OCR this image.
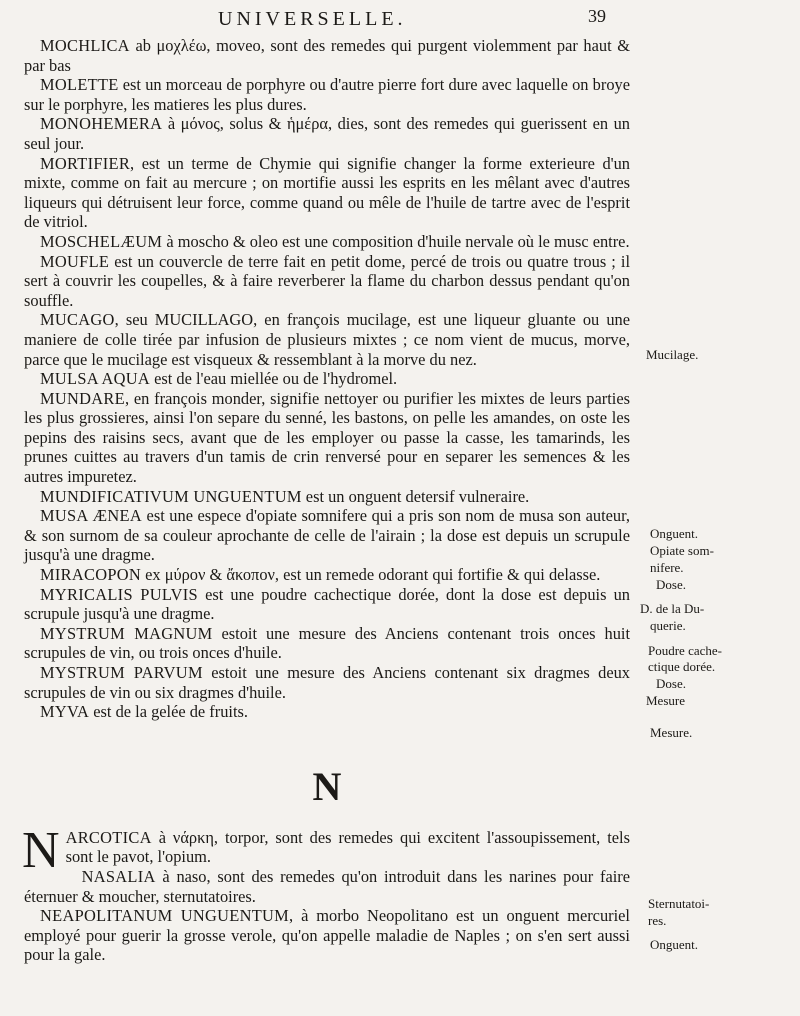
UNIVERSELLE.	39

MOCHLICA ab μοχλέω, moveo, sont des remedes qui purgent violemment par haut & par bas

MOLETTE est un morceau de porphyre ou d'autre pierre fort dure avec laquelle on broye sur le porphyre, les matieres les plus dures.

MONOHEMERA à μόνος, solus & ἡμέρα, dies, sont des remedes qui guerissent en un seul jour.

MORTIFIER, est un terme de Chymie qui signifie changer la forme exterieure d'un mixte, comme on fait au mercure ; on mortifie aussi les esprits en les mêlant avec d'autres liqueurs qui détruisent leur force, comme quand ou mêle de l'huile de tartre avec de l'esprit de vitriol.

MOSCHELÆUM à moscho & oleo est une composition d'huile nervale où le musc entre.

MOUFLE est un couvercle de terre fait en petit dome, percé de trois ou quatre trous ; il sert à couvrir les coupelles, & à faire reverberer la flame du charbon dessus pendant qu'on souffle.

MUCAGO, seu MUCILLAGO, en françois mucilage, est une liqueur gluante ou une maniere de colle tirée par infusion de plusieurs mixtes ; ce nom vient de mucus, morve, parce que le mucilage est visqueux & ressemblant à la morve du nez.

MULSA AQUA est de l'eau miellée ou de l'hydromel.

MUNDARE, en françois monder, signifie nettoyer ou purifier les mixtes de leurs parties les plus grossieres, ainsi l'on separe du senné, les bastons, on pelle les amandes, on oste les pepins des raisins secs, avant que de les employer ou passe la casse, les tamarinds, les prunes cuittes au travers d'un tamis de crin renversé pour en separer les semences & les autres impuretez.

MUNDIFICATIVUM UNGUENTUM est un onguent detersif vulneraire.

MUSA ÆNEA est une espece d'opiate somnifere qui a pris son nom de musa son auteur, & son surnom de sa couleur aprochante de celle de l'airain ; la dose est depuis un scrupule jusqu'à une dragme.

MIRACOPON ex μύρον & ἄκοπον, est un remede odorant qui fortifie & qui delasse.

MYRICALIS PULVIS est une poudre cachectique dorée, dont la dose est depuis un scrupule jusqu'à une dragme.

MYSTRUM MAGNUM estoit une mesure des Anciens contenant trois onces huit scrupules de vin, ou trois onces d'huile.

MYSTRUM PARVUM estoit une mesure des Anciens contenant six dragmes deux scrupules de vin ou six dragmes d'huile.

MYVA est de la gelée de fruits.

N

NARCOTICA à νάρκη, torpor, sont des remedes qui excitent l'assoupissement, tels sont le pavot, l'opium.

NASALIA à naso, sont des remedes qu'on introduit dans les narines pour faire éternuer & moucher, sternutatoires.

NEAPOLITANUM UNGUENTUM, à morbo Neopolitano est un onguent mercuriel employé pour guerir la grosse verole, qu'on appelle maladie de Naples ; on s'en sert aussi pour la gale.

Mucilage.
Onguent.
Opiate som-
nifere.
Dose.
D. de la Du-
querie.
Poudre cache-
ctique dorée.
Dose.
Mesure
Mesure.
Sternutatoi-
res.
Onguent.
